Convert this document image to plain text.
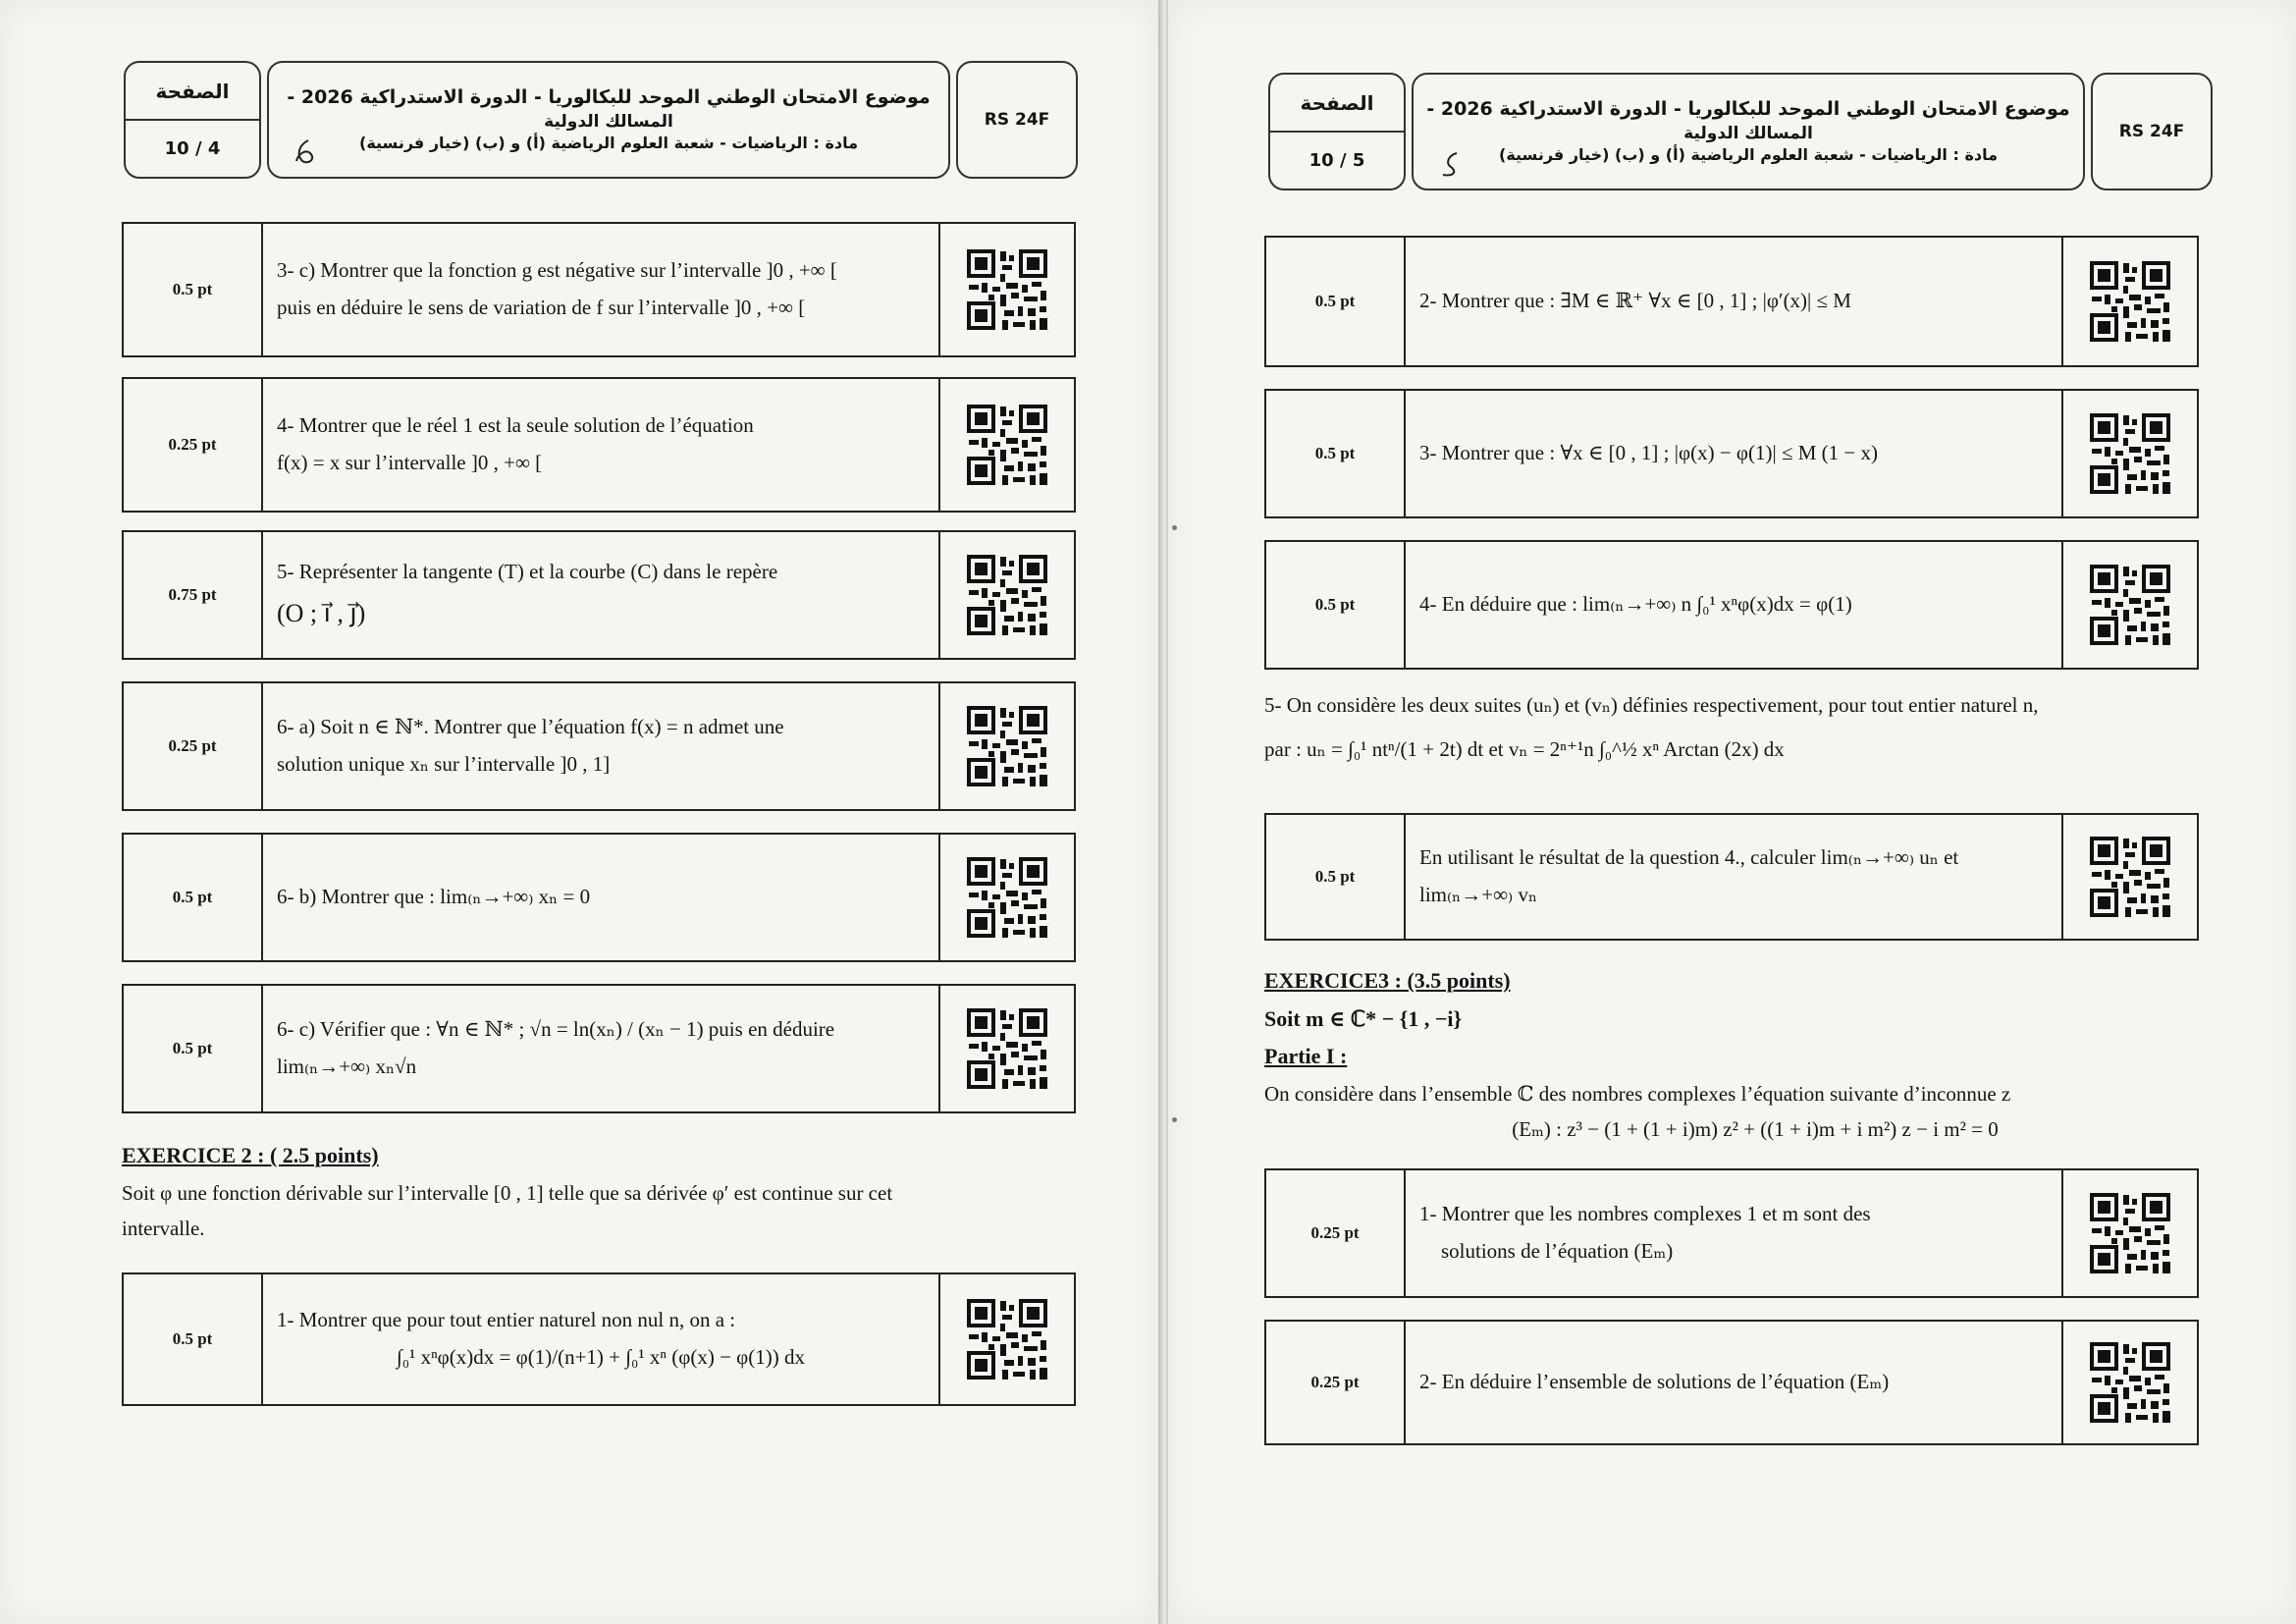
الصفحة
10 / 4
موضوع الامتحان الوطني الموحد للبكالوريا - الدورة الاستدراكية 2026 -
المسالك الدولية
مادة : الرياضيات - شعبة العلوم الرياضية (أ) و (ب) (خيار فرنسية)
RS 24F
0.5 pt
3- c) Montrer que la fonction g est négative sur l’intervalle ]0 , +∞ [
puis en déduire le sens de variation de f sur l’intervalle ]0 , +∞ [
0.25 pt
4- Montrer que le réel 1 est la seule solution de l’équation
f(x) = x sur l’intervalle ]0 , +∞ [
0.75 pt
5- Représenter la tangente (T) et la courbe (C) dans le repère
(O ; i⃗ , j⃗)
0.25 pt
6- a) Soit n ∈ ℕ*. Montrer que l’équation f(x) = n admet une
solution unique xₙ sur l’intervalle ]0 , 1]
0.5 pt	6- b) Montrer que : lim₍ₙ→+∞₎ xₙ = 0
0.5 pt
6- c) Vérifier que : ∀n ∈ ℕ* ; √n = ln(xₙ) / (xₙ − 1) puis en déduire
lim₍ₙ→+∞₎ xₙ√n
EXERCICE 2 : ( 2.5 points)
Soit φ une fonction dérivable sur l’intervalle [0 , 1] telle que sa dérivée φ′ est continue sur cet
intervalle.
0.5 pt
1- Montrer que pour tout entier naturel non nul n, on a :
∫₀¹ xⁿφ(x)dx = φ(1)/(n+1) + ∫₀¹ xⁿ (φ(x) − φ(1)) dx
الصفحة
10 / 5
موضوع الامتحان الوطني الموحد للبكالوريا - الدورة الاستدراكية 2026 -
المسالك الدولية
مادة : الرياضيات - شعبة العلوم الرياضية (أ) و (ب) (خيار فرنسية)
RS 24F
0.5 pt	2- Montrer que : ∃M ∈ ℝ⁺ ∀x ∈ [0 , 1] ; |φ′(x)| ≤ M
0.5 pt	3- Montrer que : ∀x ∈ [0 , 1] ; |φ(x) − φ(1)| ≤ M (1 − x)
0.5 pt	4- En déduire que : lim₍ₙ→+∞₎ n ∫₀¹ xⁿφ(x)dx = φ(1)
5- On considère les deux suites (uₙ) et (vₙ) définies respectivement, pour tout entier naturel n,
par : uₙ = ∫₀¹ ntⁿ/(1 + 2t) dt et vₙ = 2ⁿ⁺¹n ∫₀^½ xⁿ Arctan (2x) dx
0.5 pt
En utilisant le résultat de la question 4., calculer lim₍ₙ→+∞₎ uₙ et
lim₍ₙ→+∞₎ vₙ
EXERCICE3 : (3.5 points)
Soit m ∈ ℂ* − {1 , −i}
Partie I :
On considère dans l’ensemble ℂ des nombres complexes l’équation suivante d’inconnue z
(Eₘ) : z³ − (1 + (1 + i)m) z² + ((1 + i)m + i m²) z − i m² = 0
0.25 pt
1- Montrer que les nombres complexes 1 et m sont des
solutions de l’équation (Eₘ)
0.25 pt	2- En déduire l’ensemble de solutions de l’équation (Eₘ)
